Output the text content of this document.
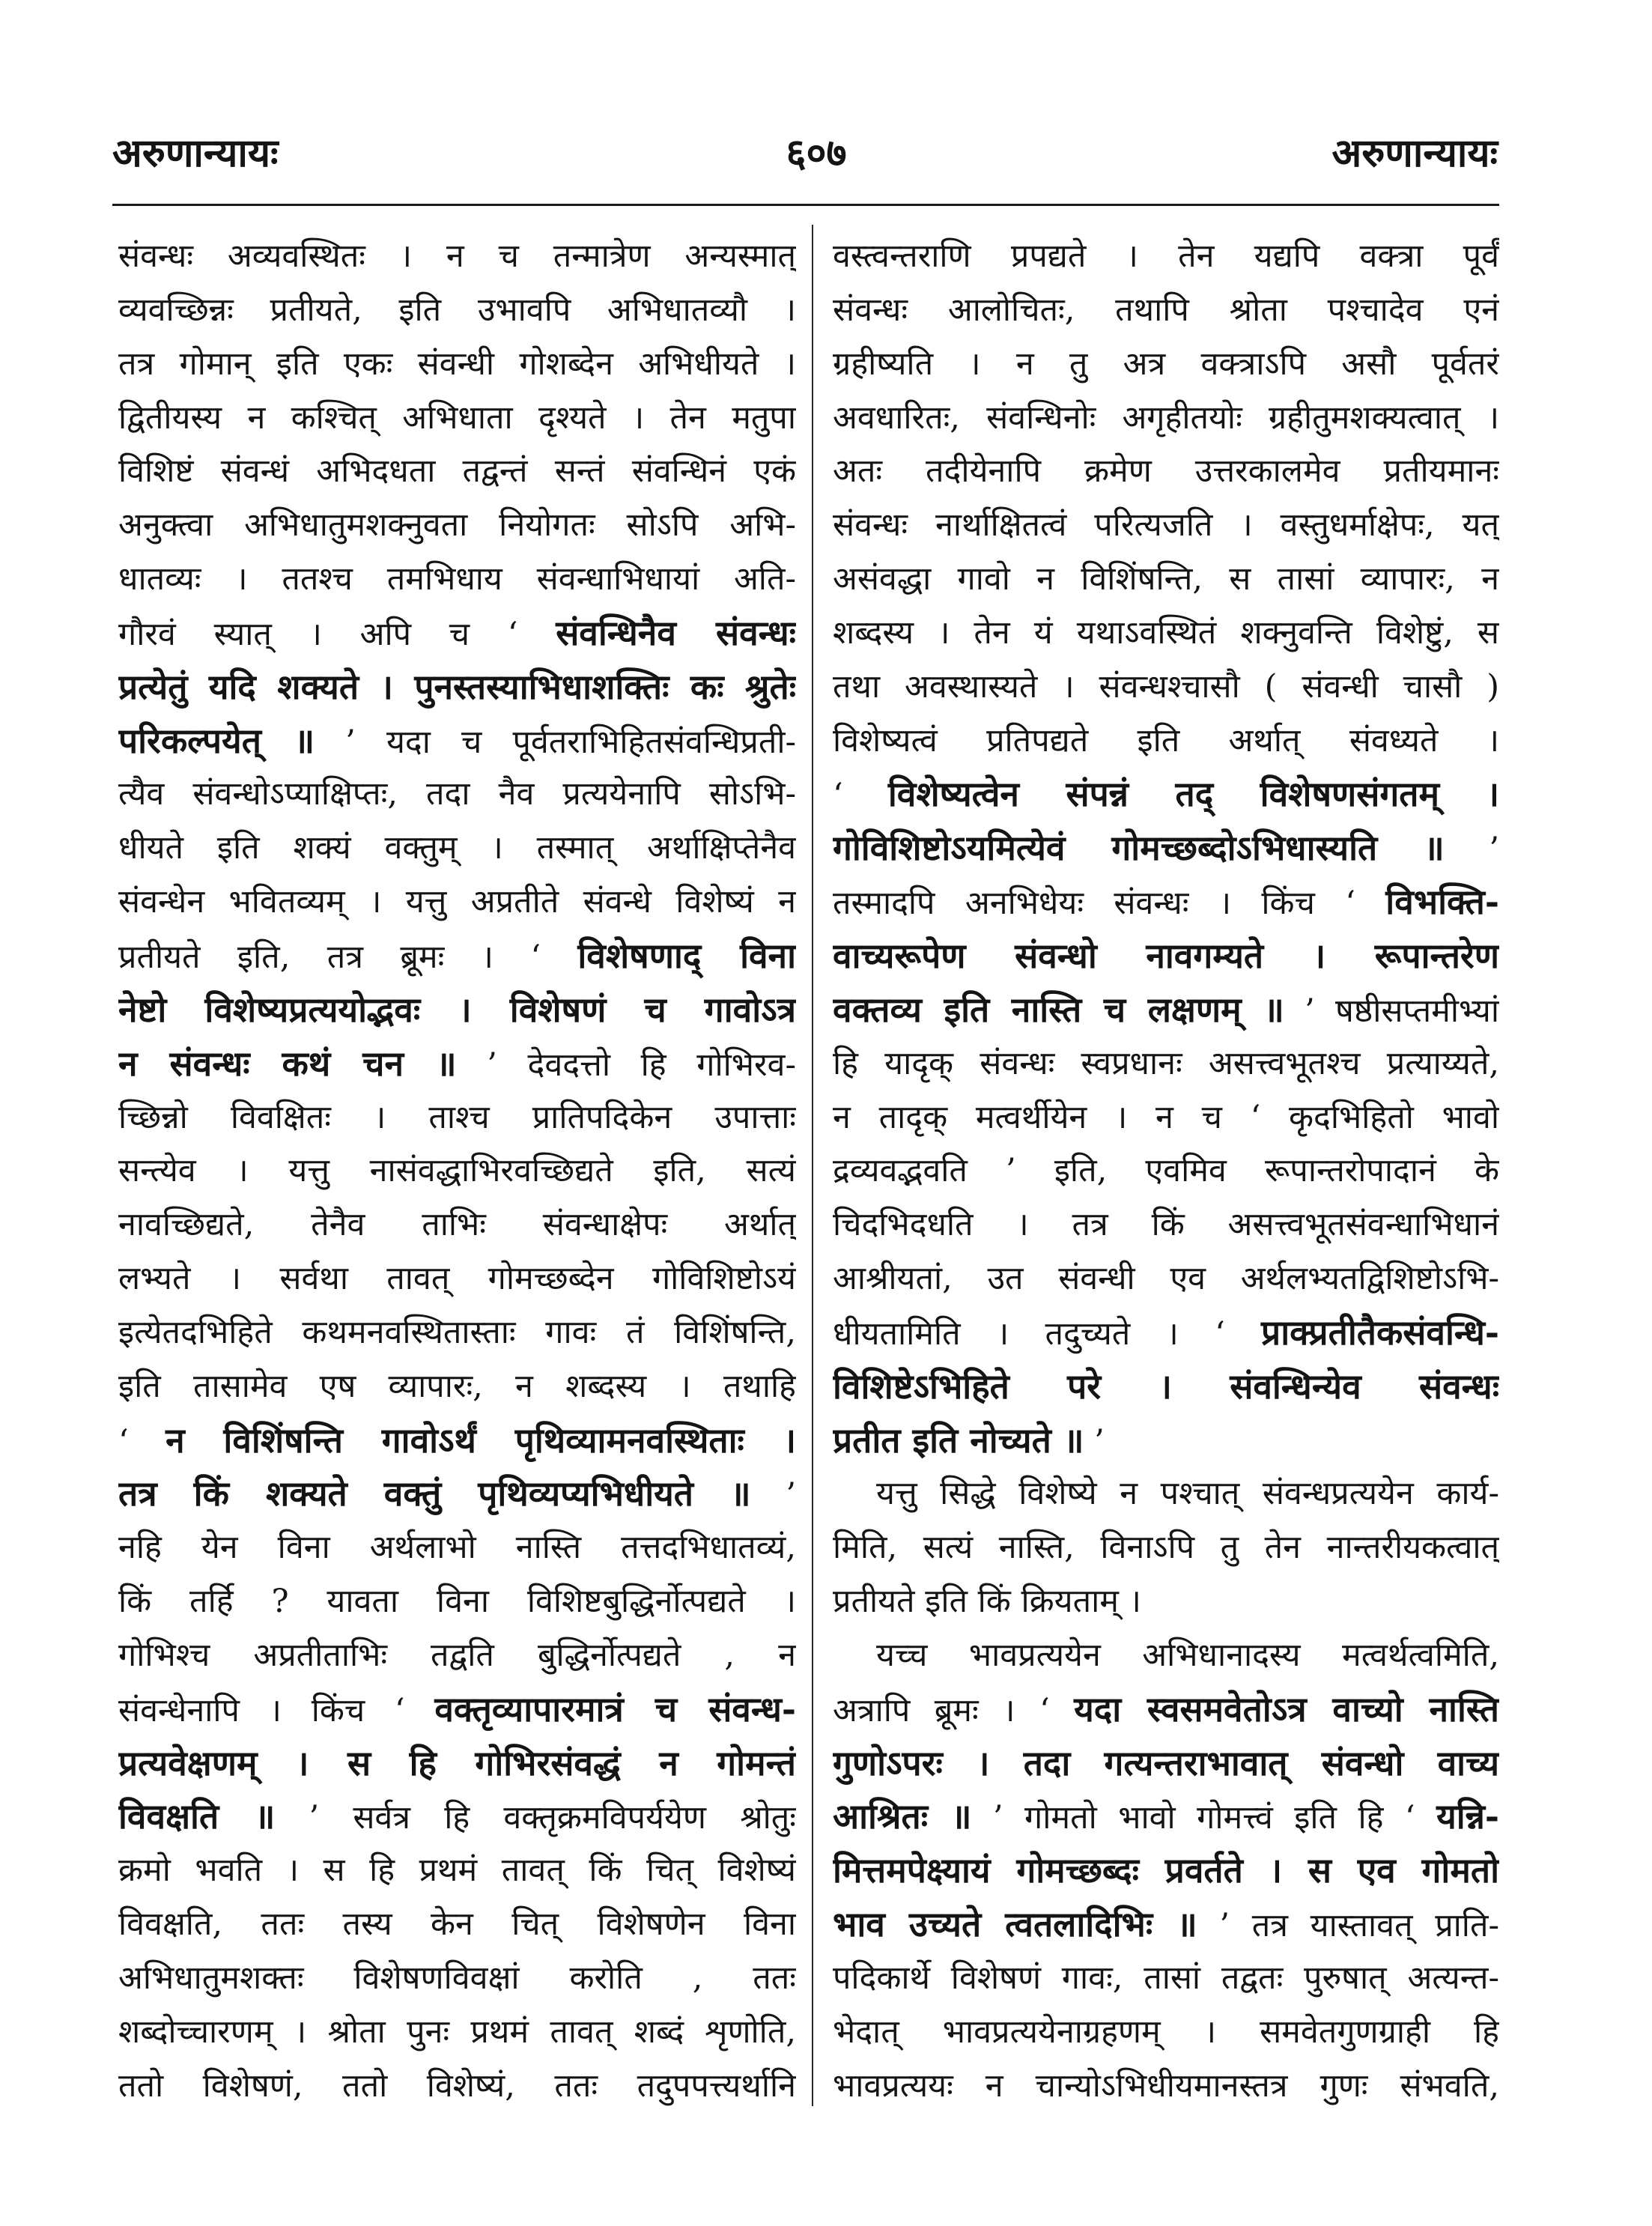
अरुणान्यायः	६०७	अरुणान्यायः
संवन्धः अव्यवस्थितः । न च तन्मात्रेण अन्यस्मात्
व्यवच्छिन्नः प्रतीयते, इति उभावपि अभिधातव्यौ ।
तत्र गोमान् इति एकः संवन्धी गोशब्देन अभिधीयते ।
द्वितीयस्य न कश्चित् अभिधाता दृश्यते । तेन मतुपा
विशिष्टं संवन्धं अभिदधता तद्वन्तं सन्तं संवन्धिनं एकं
अनुक्त्वा अभिधातुमशक्नुवता नियोगतः सोऽपि अभि-
धातव्यः । ततश्च तमभिधाय संवन्धाभिधायां अति-
गौरवं स्यात् । अपि च ‘ संवन्धिनैव संवन्धः
प्रत्येतुं यदि शक्यते । पुनस्तस्याभिधाशक्तिः कः श्रुतेः
परिकल्पयेत् ॥ ’ यदा च पूर्वतराभिहितसंवन्धिप्रती-
त्यैव संवन्धोऽप्याक्षिप्तः, तदा नैव प्रत्ययेनापि सोऽभि-
धीयते इति शक्यं वक्तुम् । तस्मात् अर्थाक्षिप्तेनैव
संवन्धेन भवितव्यम् । यत्तु अप्रतीते संवन्धे विशेष्यं न
प्रतीयते इति, तत्र ब्रूमः । ‘ विशेषणाद् विना
नेष्टो विशेष्यप्रत्ययोद्भवः । विशेषणं च गावोऽत्र
न संवन्धः कथं चन ॥ ’ देवदत्तो हि गोभिरव-
च्छिन्नो विवक्षितः । ताश्च प्रातिपदिकेन उपात्ताः
सन्त्येव । यत्तु नासंवद्धाभिरवच्छिद्यते इति, सत्यं
नावच्छिद्यते, तेनैव ताभिः संवन्धाक्षेपः अर्थात्
लभ्यते । सर्वथा तावत् गोमच्छब्देन गोविशिष्टोऽयं
इत्येतदभिहिते कथमनवस्थितास्ताः गावः तं विशिंषन्ति,
इति तासामेव एष व्यापारः, न शब्दस्य । तथाहि
‘ न विशिंषन्ति गावोऽर्थं पृथिव्यामनवस्थिताः ।
तत्र किं शक्यते वक्तुं पृथिव्यप्यभिधीयते ॥ ’
नहि येन विना अर्थलाभो नास्ति तत्तदभिधातव्यं,
किं तर्हि ? यावता विना विशिष्टबुद्धिर्नोत्पद्यते ।
गोभिश्च अप्रतीताभिः तद्वति बुद्धिर्नोत्पद्यते , न
संवन्धेनापि । किंच ‘ वक्तृव्यापारमात्रं च संवन्ध-
प्रत्यवेक्षणम् । स हि गोभिरसंवद्धं न गोमन्तं
विवक्षति ॥ ’ सर्वत्र हि वक्तृक्रमविपर्ययेण श्रोतुः
क्रमो भवति । स हि प्रथमं तावत् किं चित् विशेष्यं
विवक्षति, ततः तस्य केन चित् विशेषणेन विना
अभिधातुमशक्तः विशेषणविवक्षां करोति , ततः
शब्दोच्चारणम् । श्रोता पुनः प्रथमं तावत् शब्दं शृणोति,
ततो विशेषणं, ततो विशेष्यं, ततः तदुपपत्त्यर्थानि
वस्त्वन्तराणि प्रपद्यते । तेन यद्यपि वक्त्रा पूर्वं
संवन्धः आलोचितः, तथापि श्रोता पश्चादेव एनं
ग्रहीष्यति । न तु अत्र वक्त्राऽपि असौ पूर्वतरं
अवधारितः, संवन्धिनोः अगृहीतयोः ग्रहीतुमशक्यत्वात् ।
अतः तदीयेनापि क्रमेण उत्तरकालमेव प्रतीयमानः
संवन्धः नार्थाक्षितत्वं परित्यजति । वस्तुधर्माक्षेपः, यत्
असंवद्धा गावो न विशिंषन्ति, स तासां व्यापारः, न
शब्दस्य । तेन यं यथाऽवस्थितं शक्नुवन्ति विशेष्टुं, स
तथा अवस्थास्यते । संवन्धश्चासौ ( संवन्धी चासौ )
विशेष्यत्वं प्रतिपद्यते इति अर्थात् संवध्यते ।
‘ विशेष्यत्वेन संपन्नं तद् विशेषणसंगतम् ।
गोविशिष्टोऽयमित्येवं गोमच्छब्दोऽभिधास्यति ॥ ’
तस्मादपि अनभिधेयः संवन्धः । किंच ‘ विभक्ति-
वाच्यरूपेण संवन्धो नावगम्यते । रूपान्तरेण
वक्तव्य इति नास्ति च लक्षणम् ॥ ’ षष्ठीसप्तमीभ्यां
हि यादृक् संवन्धः स्वप्रधानः असत्त्वभूतश्च प्रत्याय्यते,
न तादृक् मत्वर्थीयेन । न च ‘ कृदभिहितो भावो
द्रव्यवद्भवति ’ इति, एवमिव रूपान्तरोपादानं के
चिदभिदधति । तत्र किं असत्त्वभूतसंवन्धाभिधानं
आश्रीयतां, उत संवन्धी एव अर्थलभ्यतद्विशिष्टोऽभि-
धीयतामिति । तदुच्यते । ‘ प्राक्प्रतीतैकसंवन्धि-
विशिष्टेऽभिहिते परे । संवन्धिन्येव संवन्धः
प्रतीत इति नोच्यते ॥ ’
यत्तु सिद्धे विशेष्ये न पश्चात् संवन्धप्रत्ययेन कार्य-
मिति, सत्यं नास्ति, विनाऽपि तु तेन नान्तरीयकत्वात्
प्रतीयते इति किं क्रियताम् ।
यच्च भावप्रत्ययेन अभिधानादस्य मत्वर्थत्वमिति,
अत्रापि ब्रूमः । ‘ यदा स्वसमवेतोऽत्र वाच्यो नास्ति
गुणोऽपरः । तदा गत्यन्तराभावात् संवन्धो वाच्य
आश्रितः ॥ ’ गोमतो भावो गोमत्त्वं इति हि ‘ यन्नि-
मित्तमपेक्ष्यायं गोमच्छब्दः प्रवर्तते । स एव गोमतो
भाव उच्यते त्वतलादिभिः ॥ ’ तत्र यास्तावत् प्राति-
पदिकार्थे विशेषणं गावः, तासां तद्वतः पुरुषात् अत्यन्त-
भेदात् भावप्रत्ययेनाग्रहणम् । समवेतगुणग्राही हि
भावप्रत्ययः न चान्योऽभिधीयमानस्तत्र गुणः संभवति,
